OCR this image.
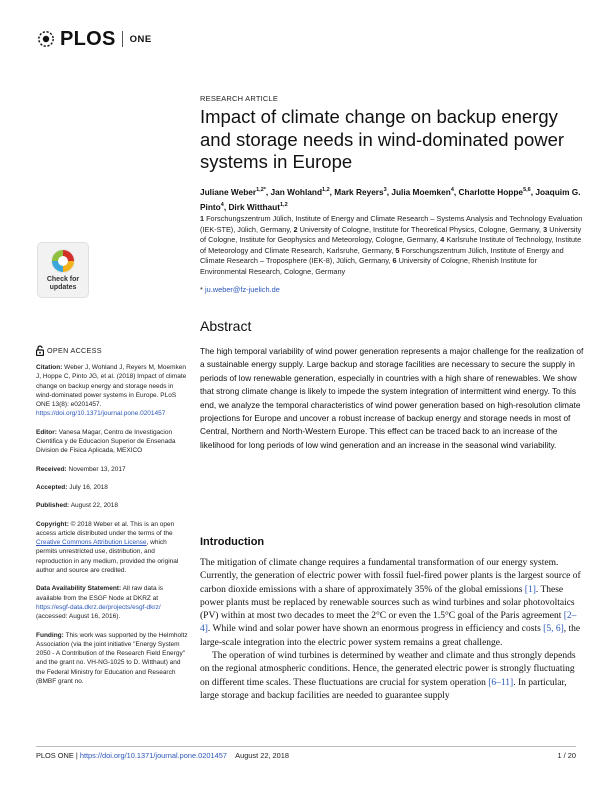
PLOS ONE
RESEARCH ARTICLE
Impact of climate change on backup energy and storage needs in wind-dominated power systems in Europe
Juliane Weber$^{1,2*}$, Jan Wohland$^{1,2}$, Mark Reyers$^3$, Julia Moemken$^4$, Charlotte Hoppe$^{5,6}$, Joaquim G. Pinto$^4$, Dirk Witthaut$^{1,2}$
1 Forschungszentrum Jülich, Institute of Energy and Climate Research – Systems Analysis and Technology Evaluation (IEK-STE), Jülich, Germany, 2 University of Cologne, Institute for Theoretical Physics, Cologne, Germany, 3 University of Cologne, Institute for Geophysics and Meteorology, Cologne, Germany, 4 Karlsruhe Institute of Technology, Institute of Meteorology and Climate Research, Karlsruhe, Germany, 5 Forschungszentrum Jülich, Institute of Energy and Climate Research – Troposphere (IEK-8), Jülich, Germany, 6 University of Cologne, Rhenish Institute for Environmental Research, Cologne, Germany
* ju.weber@fz-juelich.de
Check for
updates
OPEN ACCESS
Citation: Weber J, Wohland J, Reyers M, Moemken J, Hoppe C, Pinto JG, et al. (2018) Impact of climate change on backup energy and storage needs in wind-dominated power systems in Europe. PLoS ONE 13(8): e0201457. https://doi.org/10.1371/journal.pone.0201457
Editor: Vanesa Magar, Centro de Investigacion Cientifica y de Educacion Superior de Ensenada Division de Fisica Aplicada, MEXICO
Received: November 13, 2017
Accepted: July 16, 2018
Published: August 22, 2018
Copyright: © 2018 Weber et al. This is an open access article distributed under the terms of the Creative Commons Attribution License, which permits unrestricted use, distribution, and reproduction in any medium, provided the original author and source are credited.
Data Availability Statement: All raw data is available from the ESGF Node at DKRZ at https://esgf-data.dkrz.de/projects/esgf-dkrz/ (accessed: August 16, 2016).
Funding: This work was supported by the Helmholtz Association (via the joint initiative "Energy System 2050 - A Contribution of the Research Field Energy" and the grant no. VH-NG-1025 to D. Witthaut) and the Federal Ministry for Education and Research (BMBF grant no.
Abstract

The high temporal variability of wind power generation represents a major challenge for the realization of a sustainable energy supply. Large backup and storage facilities are necessary to secure the supply in periods of low renewable generation, especially in countries with a high share of renewables. We show that strong climate change is likely to impede the system integration of intermittent wind energy. To this end, we analyze the temporal characteristics of wind power generation based on high-resolution climate projections for Europe and uncover a robust increase of backup energy and storage needs in most of Central, Northern and North-Western Europe. This effect can be traced back to an increase of the likelihood for long periods of low wind generation and an increase in the seasonal wind variability.

Introduction

The mitigation of climate change requires a fundamental transformation of our energy system. Currently, the generation of electric power with fossil fuel-fired power plants is the largest source of carbon dioxide emissions with a share of approximately 35% of the global emissions [1]. These power plants must be replaced by renewable sources such as wind turbines and solar photovoltaics (PV) within at most two decades to meet the 2°C or even the 1.5°C goal of the Paris agreement [2–4]. While wind and solar power have shown an enormous progress in efficiency and costs [5, 6], the large-scale integration into the electric power system remains a great challenge.

The operation of wind turbines is determined by weather and climate and thus strongly depends on the regional atmospheric conditions. Hence, the generated electric power is strongly fluctuating on different time scales. These fluctuations are crucial for system operation [6–11]. In particular, large storage and backup facilities are needed to guarantee supply

PLOS ONE | https://doi.org/10.1371/journal.pone.0201457 August 22, 2018	1 / 20
